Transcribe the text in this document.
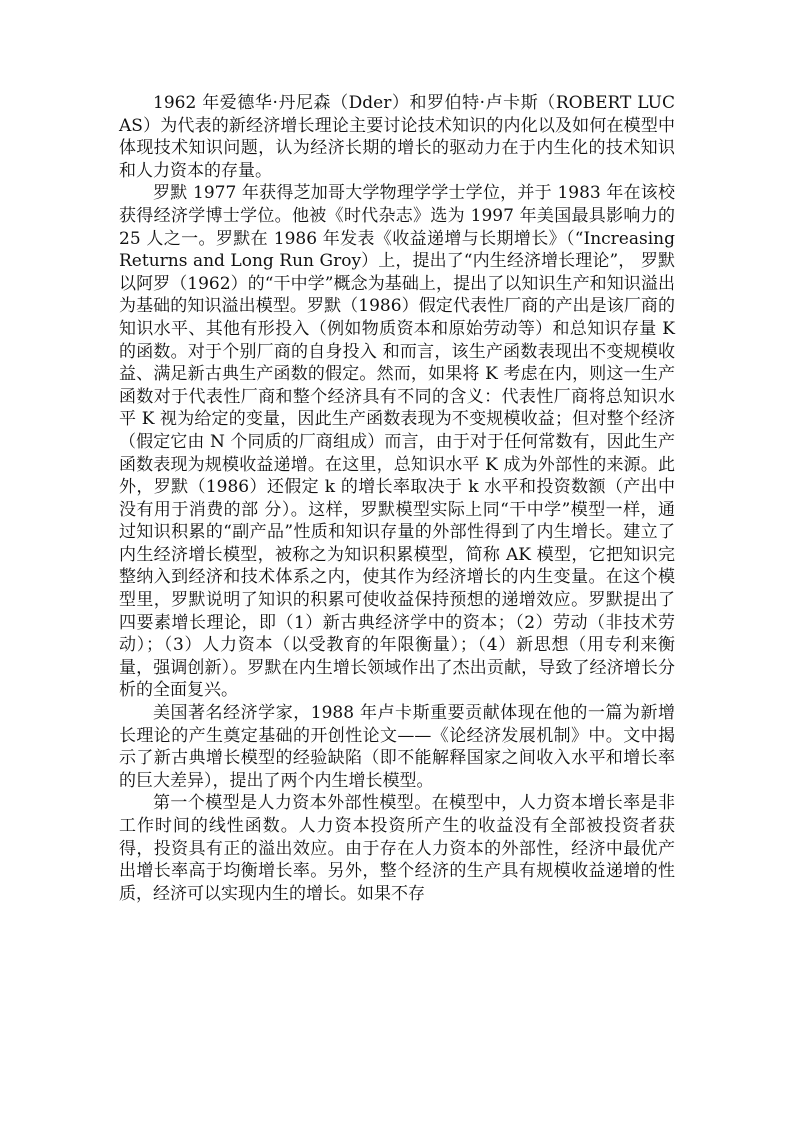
1962 年爱德华·丹尼森（Dder）和罗伯特·卢卡斯（ROBERT LUCAS）为代表的新经济增长理论主要讨论技术知识的内化以及如何在模型中体现技术知识问题，认为经济长期的增长的驱动力在于内生化的技术知识和人力资本的存量。

罗默 1977 年获得芝加哥大学物理学学士学位，并于 1983 年在该校获得经济学博士学位。他被《时代杂志》选为 1997 年美国最具影响力的 25 人之一。罗默在 1986 年发表《收益递增与长期增长》（“Increasing Returns and Long Run Groy）上，提出了“内生经济增长理论”， 罗默以阿罗（1962）的“干中学”概念为基础上，提出了以知识生产和知识溢出为基础的知识溢出模型。罗默（1986）假定代表性厂商的产出是该厂商的知识水平、其他有形投入（例如物质资本和原始劳动等）和总知识存量 K 的函数。对于个别厂商的自身投入 和而言，该生产函数表现出不变规模收益、满足新古典生产函数的假定。然而，如果将 K 考虑在内，则这一生产函数对于代表性厂商和整个经济具有不同的含义：代表性厂商将总知识水平 K 视为给定的变量，因此生产函数表现为不变规模收益；但对整个经济（假定它由 N 个同质的厂商组成）而言，由于对于任何常数有，因此生产函数表现为规模收益递增。在这里，总知识水平 K 成为外部性的来源。此外，罗默（1986）还假定 k 的增长率取决于 k 水平和投资数额（产出中没有用于消费的部 分）。这样，罗默模型实际上同“干中学”模型一样，通过知识积累的“副产品”性质和知识存量的外部性得到了内生增长。建立了内生经济增长模型，被称之为知识积累模型，简称 AK 模型，它把知识完整纳入到经济和技术体系之内，使其作为经济增长的内生变量。在这个模型里，罗默说明了知识的积累可使收益保持预想的递增效应。罗默提出了四要素增长理论，即（1）新古典经济学中的资本；（2）劳动（非技术劳动）；（3）人力资本（以受教育的年限衡量）；（4）新思想（用专利来衡量，强调创新）。罗默在内生增长领域作出了杰出贡献，导致了经济增长分析的全面复兴。

美国著名经济学家，1988 年卢卡斯重要贡献体现在他的一篇为新增长理论的产生奠定基础的开创性论文——《论经济发展机制》中。文中揭示了新古典增长模型的经验缺陷（即不能解释国家之间收入水平和增长率的巨大差异），提出了两个内生增长模型。

第一个模型是人力资本外部性模型。在模型中，人力资本增长率是非工作时间的线性函数。人力资本投资所产生的收益没有全部被投资者获得，投资具有正的溢出效应。由于存在人力资本的外部性，经济中最优产出增长率高于均衡增长率。另外，整个经济的生产具有规模收益递增的性质，经济可以实现内生的增长。如果不存
